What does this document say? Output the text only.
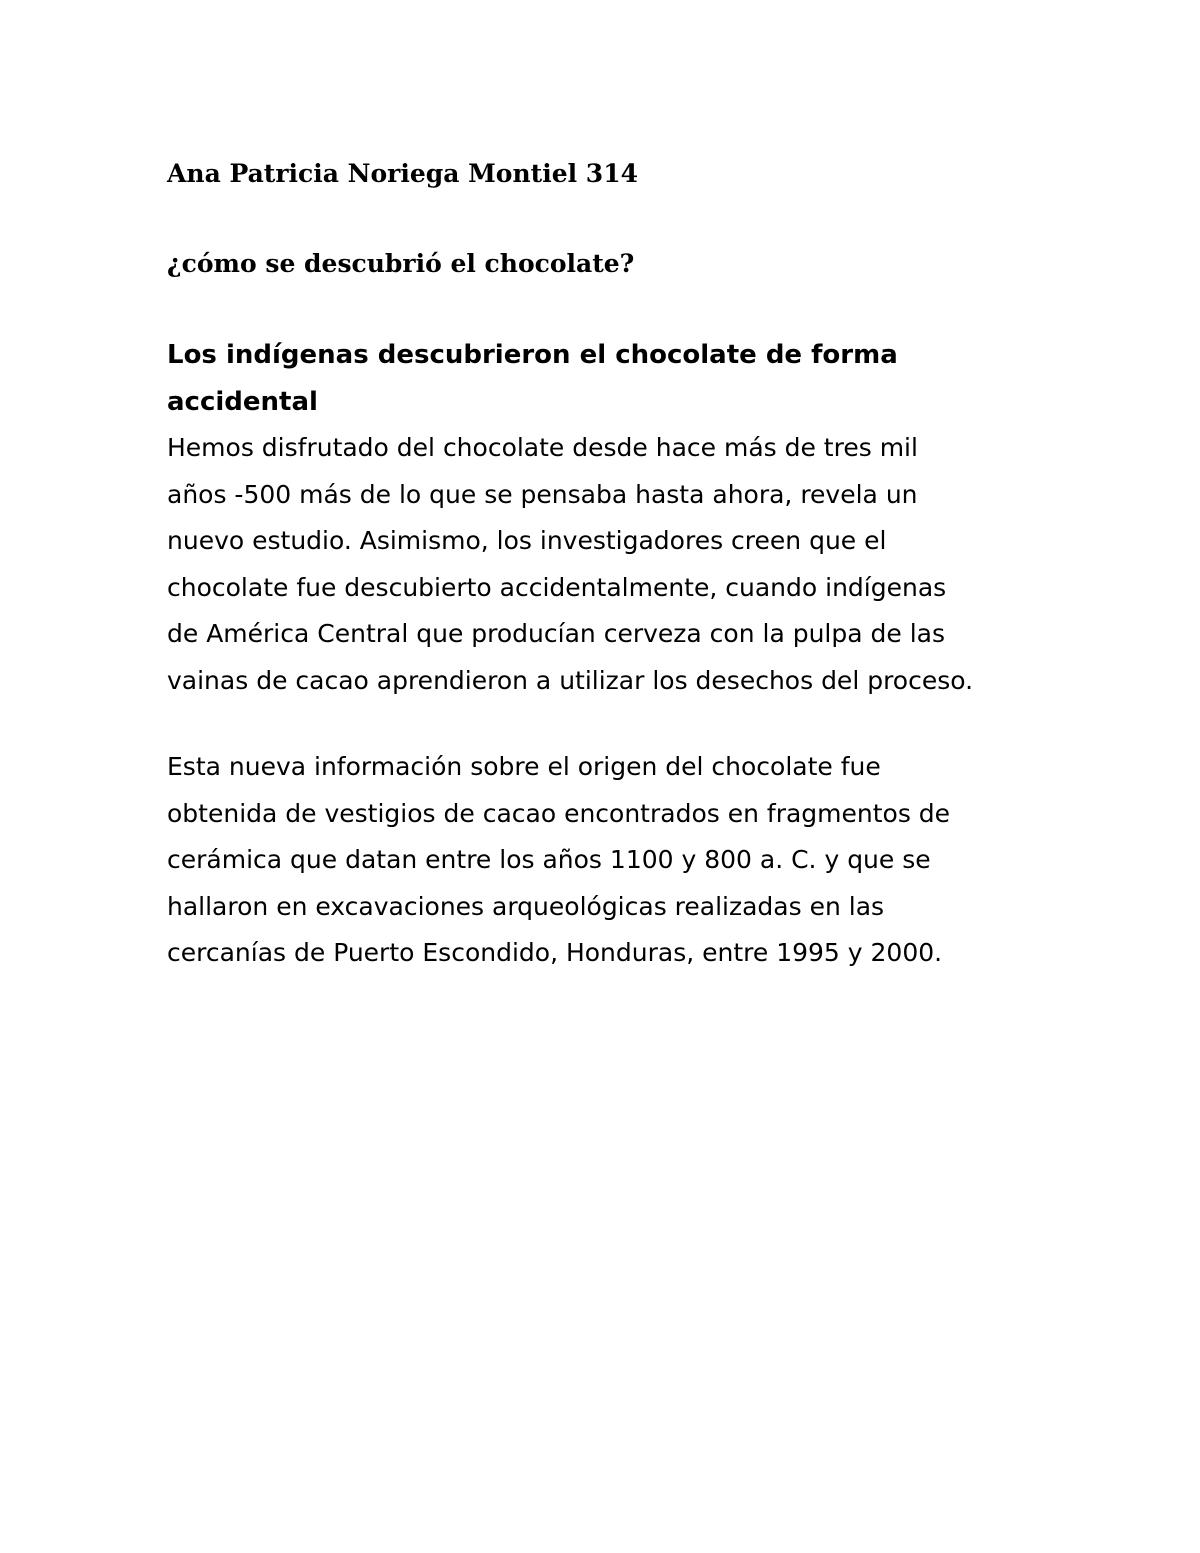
Ana Patricia Noriega Montiel 314

¿cómo se descubrió el chocolate?

Los indígenas descubrieron el chocolate de forma
accidental

Hemos disfrutado del chocolate desde hace más de tres mil
años -500 más de lo que se pensaba hasta ahora, revela un
nuevo estudio. Asimismo, los investigadores creen que el
chocolate fue descubierto accidentalmente, cuando indígenas
de América Central que producían cerveza con la pulpa de las
vainas de cacao aprendieron a utilizar los desechos del proceso.

Esta nueva información sobre el origen del chocolate fue
obtenida de vestigios de cacao encontrados en fragmentos de
cerámica que datan entre los años 1100 y 800 a. C. y que se
hallaron en excavaciones arqueológicas realizadas en las
cercanías de Puerto Escondido, Honduras, entre 1995 y 2000.
